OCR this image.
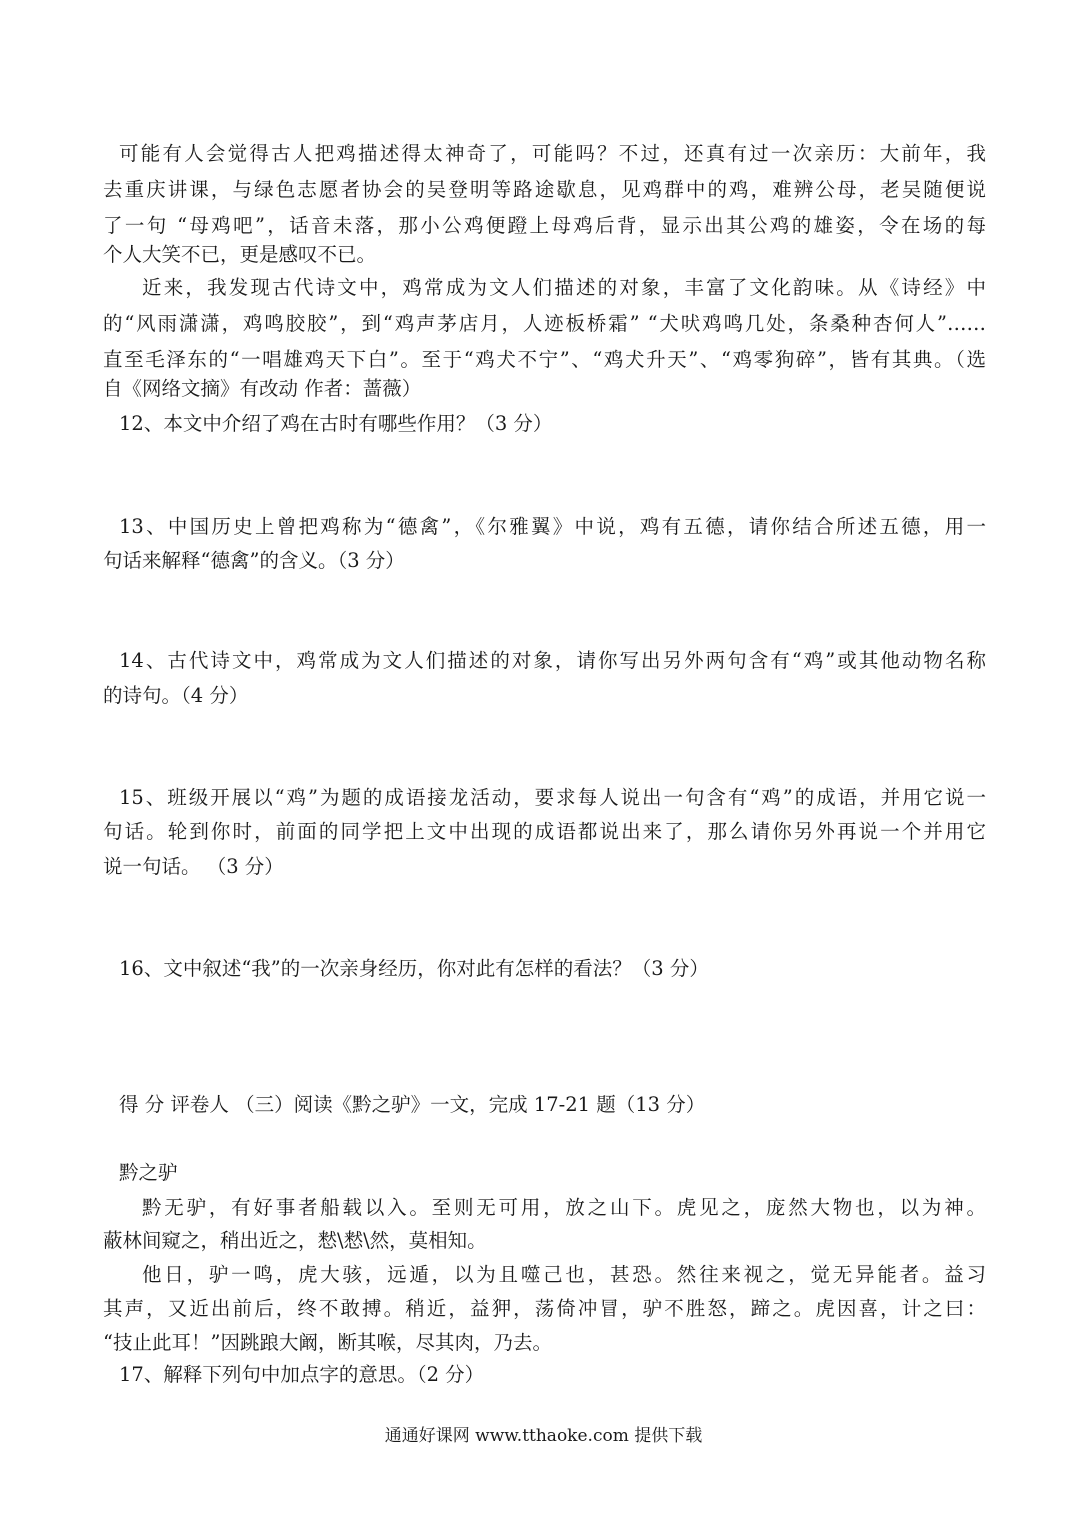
可能有人会觉得古人把鸡描述得太神奇了，可能吗？不过，还真有过一次亲历：大前年，我
去重庆讲课，与绿色志愿者协会的吴登明等路途歇息，见鸡群中的鸡，难辨公母，老吴随便说
了一句 “母鸡吧”，话音未落，那小公鸡便蹬上母鸡后背，显示出其公鸡的雄姿，令在场的每
个人大笑不已，更是感叹不已。
近来，我发现古代诗文中，鸡常成为文人们描述的对象，丰富了文化韵味。从《诗经》中
的“风雨潇潇，鸡鸣胶胶”，到“鸡声茅店月，人迹板桥霜” “犬吠鸡鸣几处，条桑种杏何人”……
直至毛泽东的“一唱雄鸡天下白”。至于“鸡犬不宁”、“鸡犬升天”、“鸡零狗碎”，皆有其典。（选
自《网络文摘》有改动 作者：蔷薇）
12、本文中介绍了鸡在古时有哪些作用？（3 分）
13、中国历史上曾把鸡称为“德禽”，《尔雅翼》中说，鸡有五德，请你结合所述五德，用一
句话来解释“德禽”的含义。（3 分）
14、古代诗文中，鸡常成为文人们描述的对象，请你写出另外两句含有“鸡”或其他动物名称
的诗句。（4 分）
15、班级开展以“鸡”为题的成语接龙活动，要求每人说出一句含有“鸡”的成语，并用它说一
句话。轮到你时，前面的同学把上文中出现的成语都说出来了，那么请你另外再说一个并用它
说一句话。 （3 分）
16、文中叙述“我”的一次亲身经历，你对此有怎样的看法？（3 分）
得 分 评卷人 （三）阅读《黔之驴》一文，完成 17-21 题（13 分）
黔之驴
黔无驴，有好事者船载以入。至则无可用，放之山下。虎见之，庞然大物也，以为神。
蔽林间窥之，稍出近之，慭\慭\然，莫相知。
他日，驴一鸣，虎大骇，远遁，以为且噬己也，甚恐。然往来视之，觉无异能者。益习
其声，又近出前后，终不敢搏。稍近，益狎，荡倚冲冒，驴不胜怒，蹄之。虎因喜，计之曰：
“技止此耳！”因跳踉大阚，断其喉，尽其肉，乃去。
17、解释下列句中加点字的意思。（2 分）
通通好课网 www.tthaoke.com 提供下载
